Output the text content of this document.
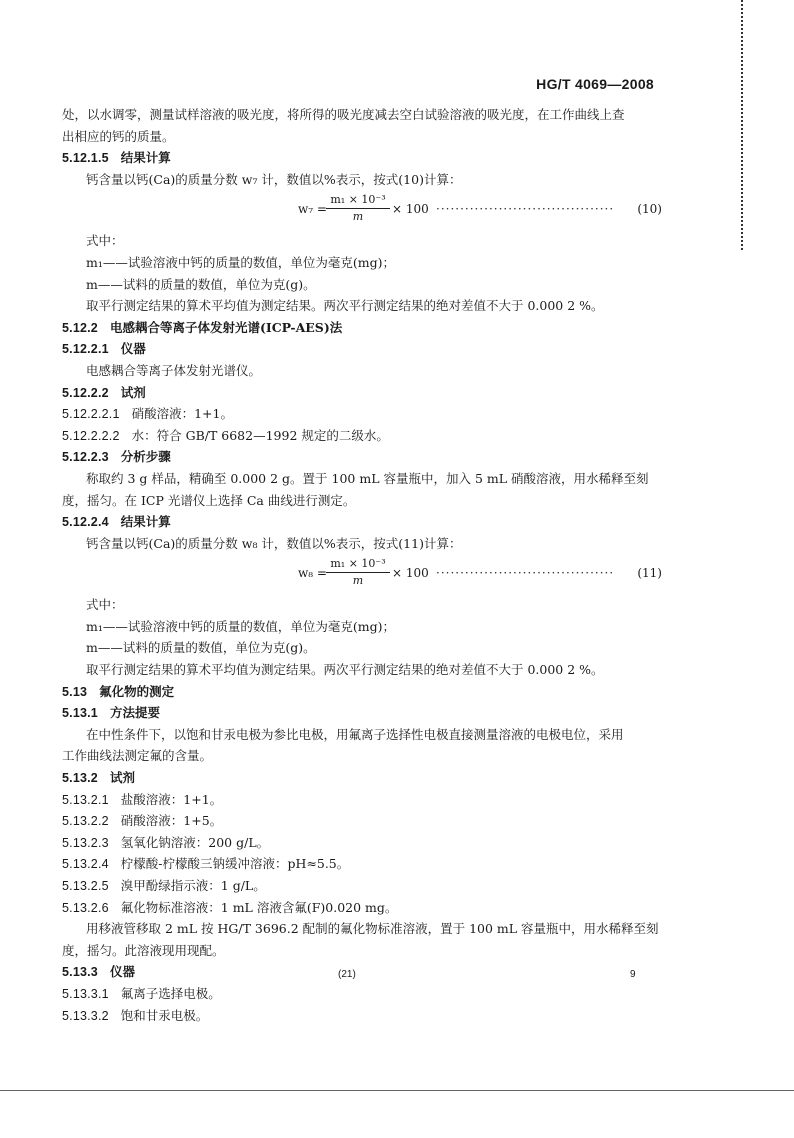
HG/T 4069—2008
处，以水调零，测量试样溶液的吸光度，将所得的吸光度减去空白试验溶液的吸光度，在工作曲线上查
出相应的钙的质量。
5.12.1.5 结果计算
钙含量以钙(Ca)的质量分数 w₇ 计，数值以%表示，按式(10)计算：
$w_7 = \frac{\text{m₁ × 10⁻³}}{m} \times 100$ ····································· (10)
式中：
m₁——试验溶液中钙的质量的数值，单位为毫克(mg)；
m——试料的质量的数值，单位为克(g)。
取平行测定结果的算术平均值为测定结果。两次平行测定结果的绝对差值不大于 0.000 2 %。
5.12.2 电感耦合等离子体发射光谱(ICP-AES)法
5.12.2.1 仪器
电感耦合等离子体发射光谱仪。
5.12.2.2 试剂
5.12.2.2.1 硝酸溶液：1+1。
5.12.2.2.2 水：符合 GB/T 6682—1992 规定的二级水。
5.12.2.3 分析步骤
称取约 3 g 样品，精确至 0.000 2 g。置于 100 mL 容量瓶中，加入 5 mL 硝酸溶液，用水稀释至刻
度，摇匀。在 ICP 光谱仪上选择 Ca 曲线进行测定。
5.12.2.4 结果计算
钙含量以钙(Ca)的质量分数 w₈ 计，数值以%表示，按式(11)计算：
$w_8 = \frac{\text{m₁ × 10⁻³}}{m} \times 100$ ····································· (11)
式中：
m₁——试验溶液中钙的质量的数值，单位为毫克(mg)；
m——试料的质量的数值，单位为克(g)。
取平行测定结果的算术平均值为测定结果。两次平行测定结果的绝对差值不大于 0.000 2 %。
5.13 氟化物的测定
5.13.1 方法提要
在中性条件下，以饱和甘汞电极为参比电极，用氟离子选择性电极直接测量溶液的电极电位，采用
工作曲线法测定氟的含量。
5.13.2 试剂
5.13.2.1 盐酸溶液：1+1。
5.13.2.2 硝酸溶液：1+5。
5.13.2.3 氢氧化钠溶液：200 g/L。
5.13.2.4 柠檬酸-柠檬酸三钠缓冲溶液：pH≈5.5。
5.13.2.5 溴甲酚绿指示液：1 g/L。
5.13.2.6 氟化物标准溶液：1 mL 溶液含氟(F)0.020 mg。
用移液管移取 2 mL 按 HG/T 3696.2 配制的氟化物标准溶液，置于 100 mL 容量瓶中，用水稀释至刻
度，摇匀。此溶液现用现配。
5.13.3 仪器
5.13.3.1 氟离子选择电极。
5.13.3.2 饱和甘汞电极。
(21)	9
